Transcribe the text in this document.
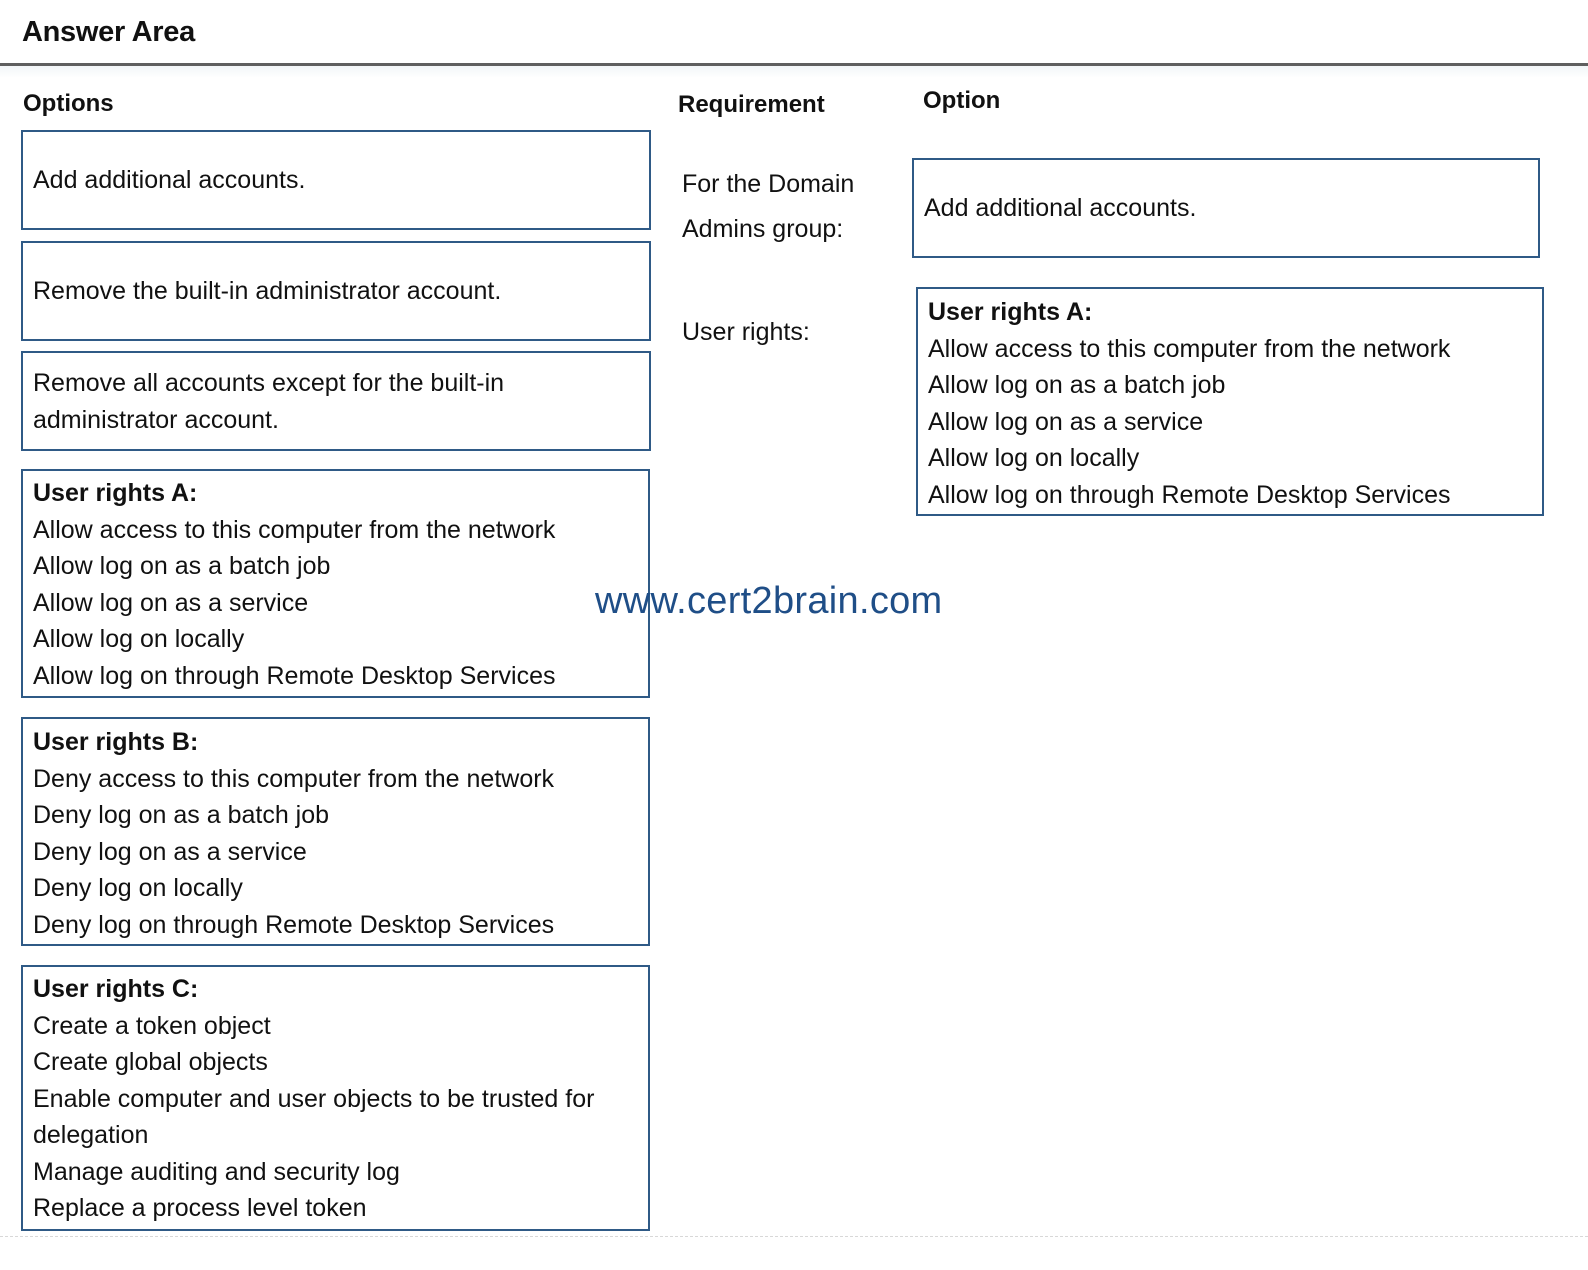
Answer Area
Options
Add additional accounts.
Remove the built-in administrator account.
Remove all accounts except for the built-in administrator account.
User rights A:
Allow access to this computer from the network
Allow log on as a batch job
Allow log on as a service
Allow log on locally
Allow log on through Remote Desktop Services
User rights B:
Deny access to this computer from the network
Deny log on as a batch job
Deny log on as a service
Deny log on locally
Deny log on through Remote Desktop Services
User rights C:
Create a token object
Create global objects
Enable computer and user objects to be trusted for delegation
Manage auditing and security log
Replace a process level token
Requirement	Option
For the Domain Admins group:
Add additional accounts.
User rights:
User rights A:
Allow access to this computer from the network
Allow log on as a batch job
Allow log on as a service
Allow log on locally
Allow log on through Remote Desktop Services
www.cert2brain.com
